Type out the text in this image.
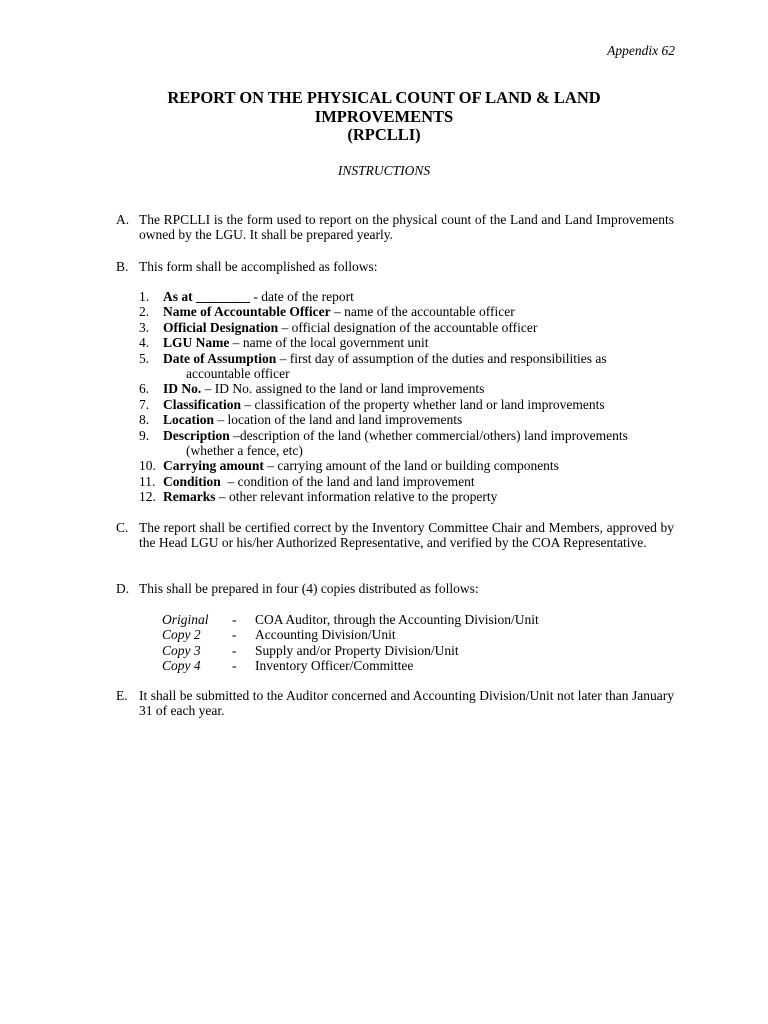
Appendix 62
REPORT ON THE PHYSICAL COUNT OF LAND & LAND
IMPROVEMENTS
(RPCLLI)
INSTRUCTIONS
A. The RPCLLI is the form used to report on the physical count of the Land and Land Improvements owned by the LGU. It shall be prepared yearly.
B. This form shall be accomplished as follows:
1. As at ________ - date of the report
2. Name of Accountable Officer – name of the accountable officer
3. Official Designation – official designation of the accountable officer
4. LGU Name – name of the local government unit
5. Date of Assumption – first day of assumption of the duties and responsibilities as
accountable officer
6. ID No. – ID No. assigned to the land or land improvements
7. Classification – classification of the property whether land or land improvements
8. Location – location of the land and land improvements
9. Description –description of the land (whether commercial/others) land improvements
(whether a fence, etc)
10. Carrying amount – carrying amount of the land or building components
11. Condition  – condition of the land and land improvement
12. Remarks – other relevant information relative to the property
C. The report shall be certified correct by the Inventory Committee Chair and Members, approved by the Head LGU or his/her Authorized Representative, and verified by the COA Representative.
D. This shall be prepared in four (4) copies distributed as follows:
Original - COA Auditor, through the Accounting Division/Unit
Copy 2 - Accounting Division/Unit
Copy 3 - Supply and/or Property Division/Unit
Copy 4 - Inventory Officer/Committee
E. It shall be submitted to the Auditor concerned and Accounting Division/Unit not later than January 31 of each year.
